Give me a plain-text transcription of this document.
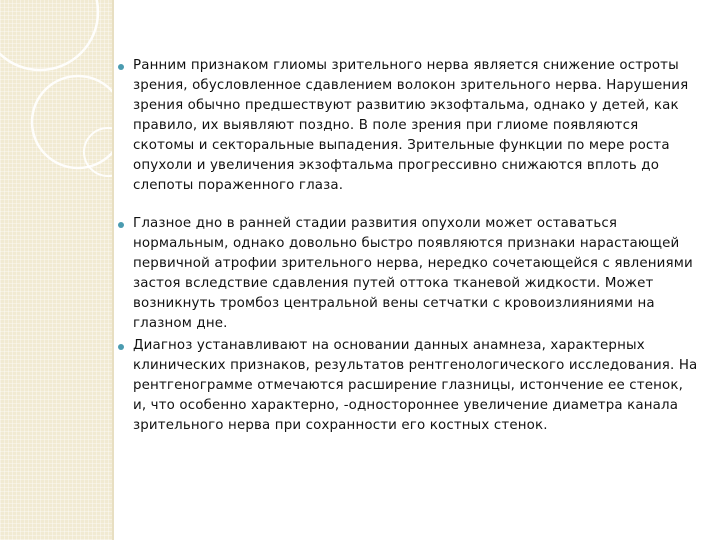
Ранним признаком глиомы зрительного нерва является снижение остроты зрения, обусловленное сдавлением волокон зрительного нерва. Нарушения зрения обычно предшествуют развитию экзофтальма, однако у детей, как правило, их выявляют поздно. В поле зрения при глиоме появляются скотомы и секторальные выпадения. Зрительные функции по мере роста опухоли и увеличения экзофтальма прогрессивно снижаются вплоть до слепоты пораженного глаза.
Глазное дно в ранней стадии развития опухоли может оставаться нормальным, однако довольно быстро появляются признаки нарастающей первичной атрофии зрительного нерва, нередко сочетающейся с явлениями застоя вследствие сдавления путей оттока тканевой жидкости. Может возникнуть тромбоз центральной вены сетчатки с кровоизлияниями на глазном дне.
Диагноз устанавливают на основании данных анамнеза, характерных клинических признаков, результатов рентгенологического исследования. На рентгенограмме отмечаются расширение глазницы, истончение ее стенок, и, что особенно характерно, -одностороннее увеличение диаметра канала зрительного нерва при сохранности его костных стенок.
